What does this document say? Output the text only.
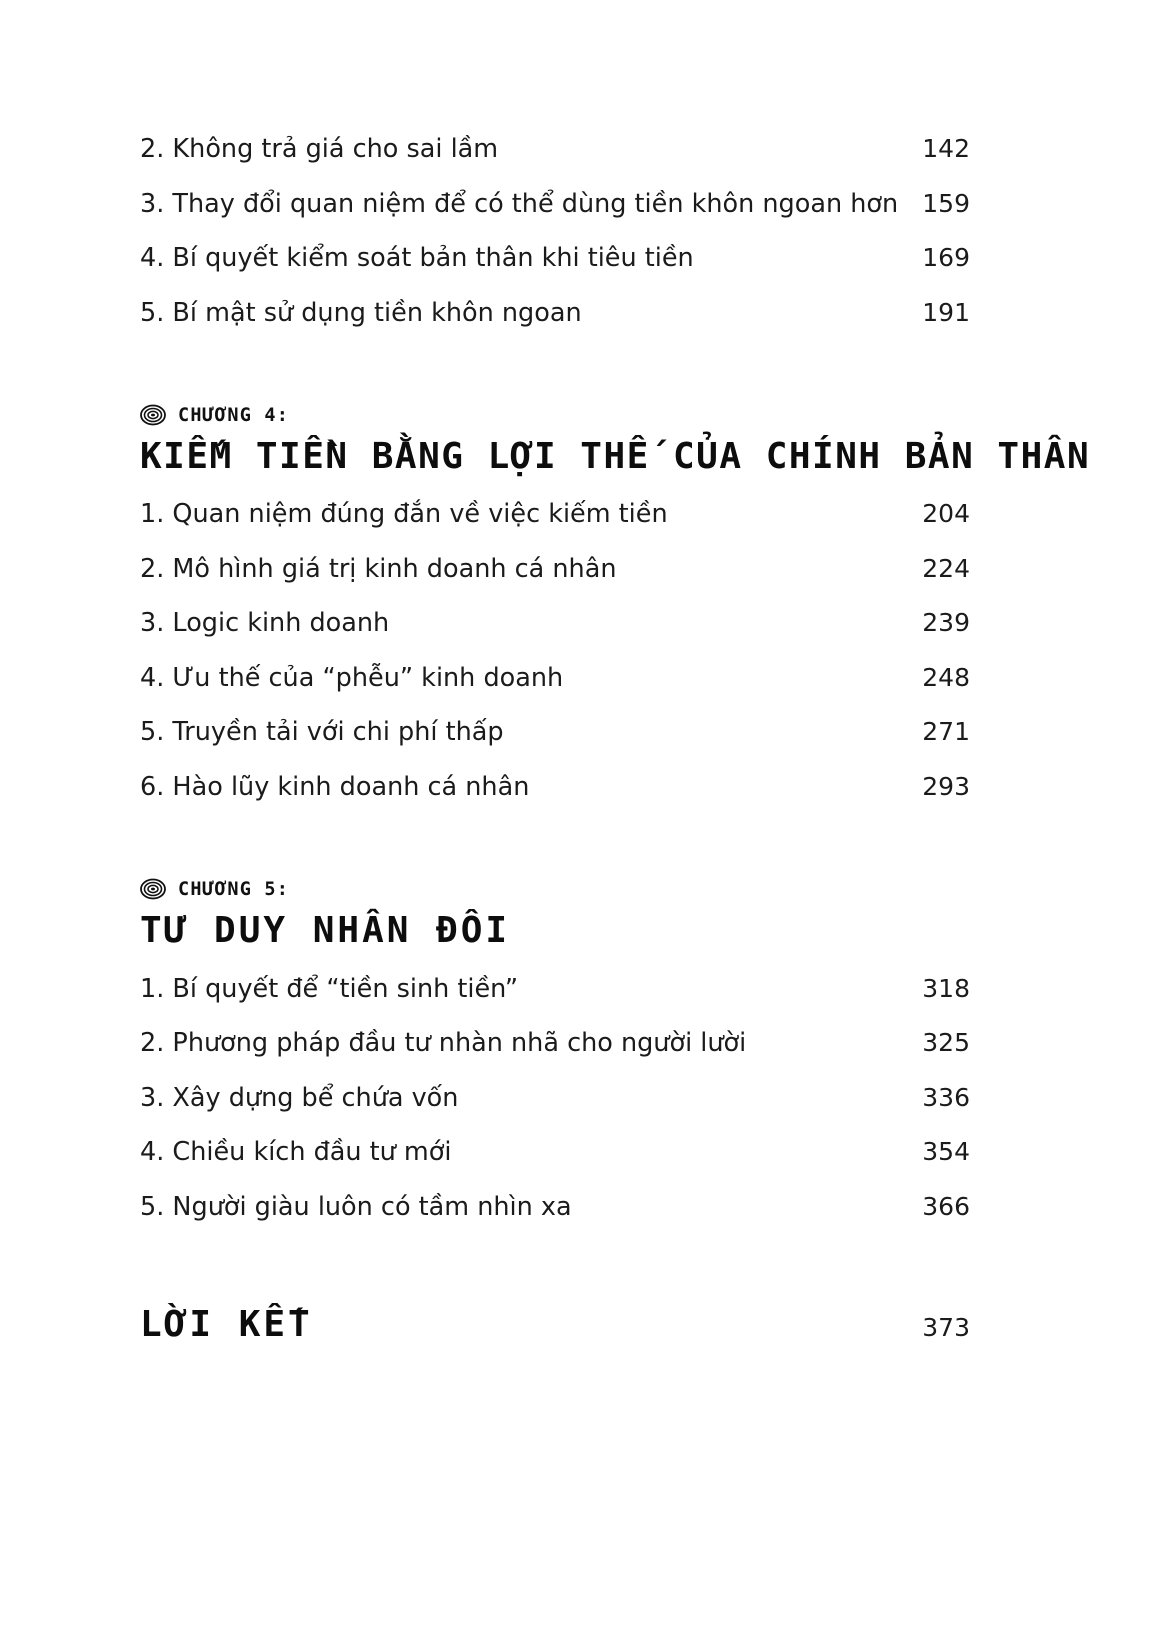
2. Không trả giá cho sai lầm	142
3. Thay đổi quan niệm để có thể dùng tiền khôn ngoan hơn 159
4. Bí quyết kiểm soát bản thân khi tiêu tiền	169
5. Bí mật sử dụng tiền khôn ngoan	191
CHƯƠNG 4:
KIẾM TIỀN BẰNG LỢI THẾ CỦA CHÍNH BẢN THÂN
1. Quan niệm đúng đắn về việc kiếm tiền	204
2. Mô hình giá trị kinh doanh cá nhân	224
3. Logic kinh doanh	239
4. Ưu thế của “phễu” kinh doanh	248
5. Truyền tải với chi phí thấp	271
6. Hào lũy kinh doanh cá nhân	293
CHƯƠNG 5:
TƯ DUY NHÂN ĐÔI
1. Bí quyết để “tiền sinh tiền”	318
2. Phương pháp đầu tư nhàn nhã cho người lười	325
3. Xây dựng bể chứa vốn	336
4. Chiều kích đầu tư mới	354
5. Người giàu luôn có tầm nhìn xa	366
LỜI KẾT	373
